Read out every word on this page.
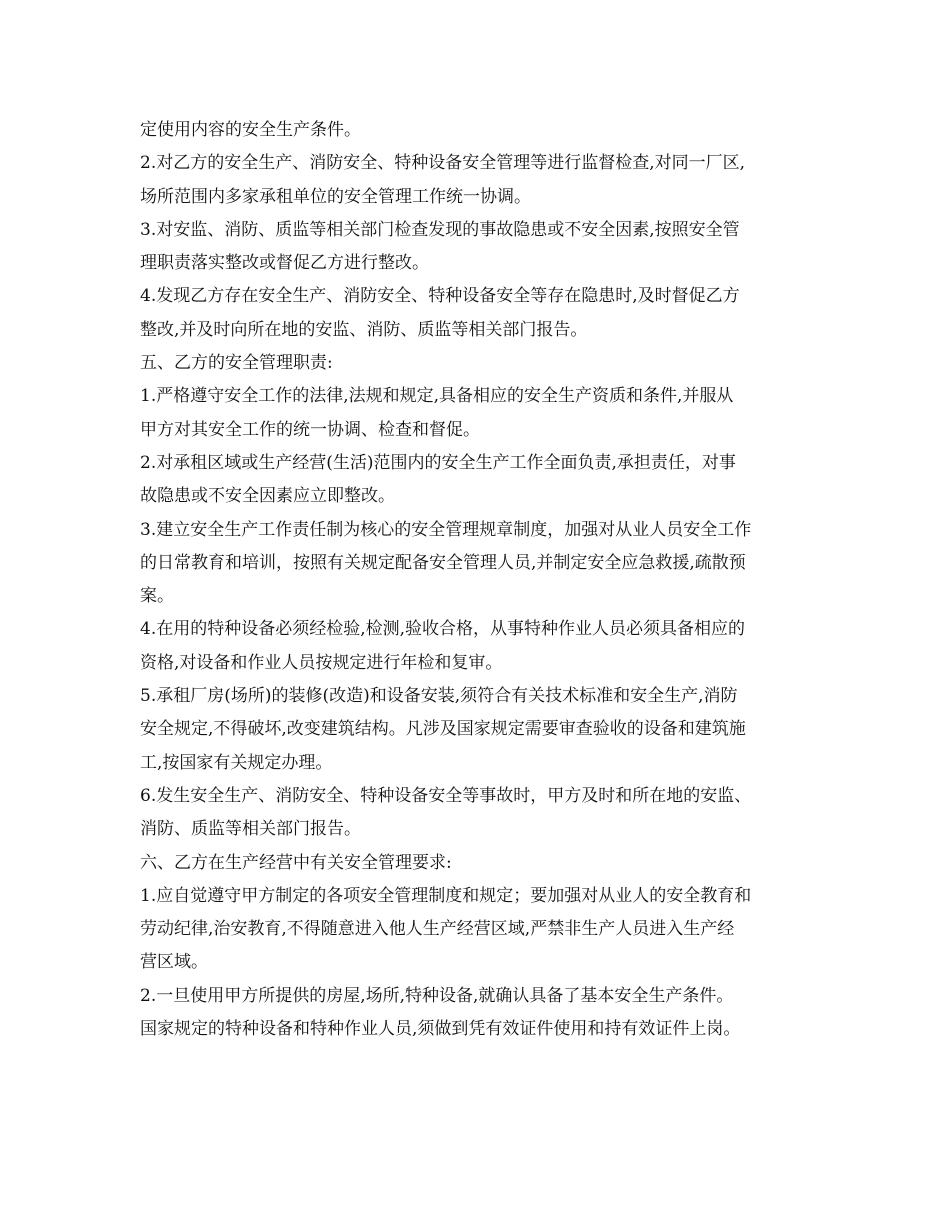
定使用内容的安全生产条件。
2.对乙方的安全生产、消防安全、特种设备安全管理等进行监督检查,对同一厂区,
场所范围内多家承租单位的安全管理工作统一协调。
3.对安监、消防、质监等相关部门检查发现的事故隐患或不安全因素,按照安全管
理职责落实整改或督促乙方进行整改。
4.发现乙方存在安全生产、消防安全、特种设备安全等存在隐患时,及时督促乙方
整改,并及时向所在地的安监、消防、质监等相关部门报告。
五、乙方的安全管理职责:
1.严格遵守安全工作的法律,法规和规定,具备相应的安全生产资质和条件,并服从
甲方对其安全工作的统一协调、检查和督促。
2.对承租区域或生产经营(生活)范围内的安全生产工作全面负责,承担责任，对事
故隐患或不安全因素应立即整改。
3.建立安全生产工作责任制为核心的安全管理规章制度，加强对从业人员安全工作
的日常教育和培训，按照有关规定配备安全管理人员,并制定安全应急救援,疏散预
案。
4.在用的特种设备必须经检验,检测,验收合格，从事特种作业人员必须具备相应的
资格,对设备和作业人员按规定进行年检和复审。
5.承租厂房(场所)的装修(改造)和设备安装,须符合有关技术标准和安全生产,消防
安全规定,不得破坏,改变建筑结构。凡涉及国家规定需要审查验收的设备和建筑施
工,按国家有关规定办理。
6.发生安全生产、消防安全、特种设备安全等事故时，甲方及时和所在地的安监、
消防、质监等相关部门报告。
六、乙方在生产经营中有关安全管理要求:
1.应自觉遵守甲方制定的各项安全管理制度和规定；要加强对从业人的安全教育和
劳动纪律,治安教育,不得随意进入他人生产经营区域,严禁非生产人员进入生产经
营区域。
2.一旦使用甲方所提供的房屋,场所,特种设备,就确认具备了基本安全生产条件。
国家规定的特种设备和特种作业人员,须做到凭有效证件使用和持有效证件上岗。
